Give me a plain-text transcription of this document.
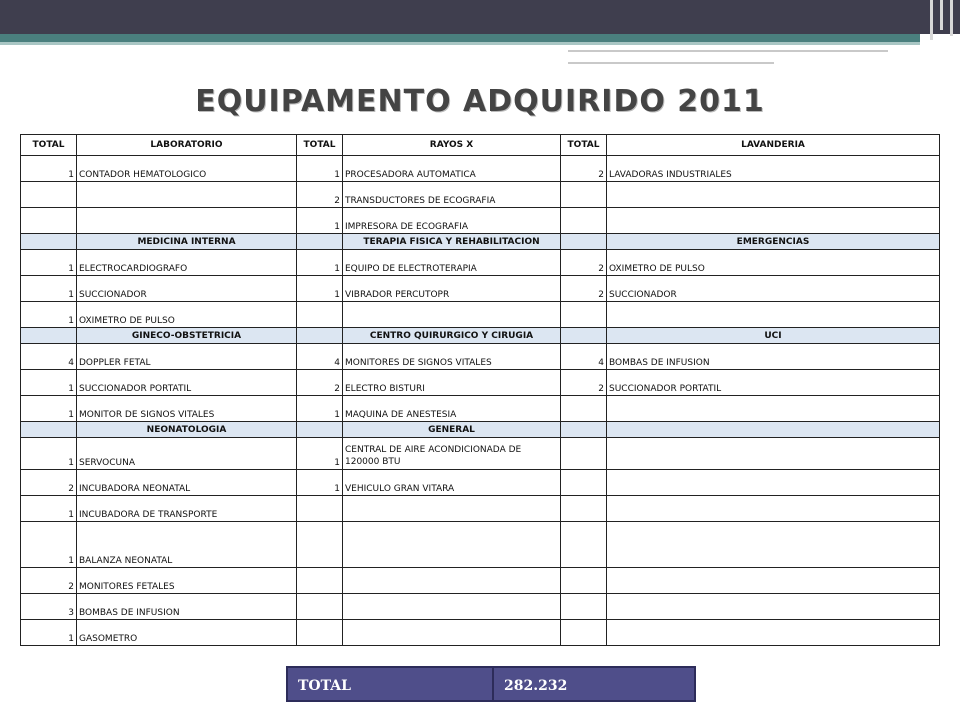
EQUIPAMENTO ADQUIRIDO 2011
TOTAL	LABORATORIO	TOTAL	RAYOS X	TOTAL	LAVANDERIA
1	CONTADOR HEMATOLOGICO	1	PROCESADORA AUTOMATICA	2	LAVADORAS INDUSTRIALES
		2	TRANSDUCTORES DE ECOGRAFIA		
		1	IMPRESORA DE ECOGRAFIA		
	MEDICINA INTERNA		TERAPIA FISICA Y REHABILITACION		EMERGENCIAS
1	ELECTROCARDIOGRAFO	1	EQUIPO DE ELECTROTERAPIA	2	OXIMETRO DE PULSO
1	SUCCIONADOR	1	VIBRADOR PERCUTOPR	2	SUCCIONADOR
1	OXIMETRO DE PULSO				
	GINECO-OBSTETRICIA		CENTRO QUIRURGICO Y CIRUGIA		UCI
4	DOPPLER FETAL	4	MONITORES DE SIGNOS VITALES	4	BOMBAS DE INFUSION
1	SUCCIONADOR PORTATIL	2	ELECTRO BISTURI	2	SUCCIONADOR PORTATIL
1	MONITOR DE SIGNOS VITALES	1	MAQUINA DE ANESTESIA		
	NEONATOLOGIA		GENERAL		
1	SERVOCUNA	1	CENTRAL DE AIRE ACONDICIONADA DE 120000 BTU		
2	INCUBADORA NEONATAL	1	VEHICULO GRAN VITARA		
1	INCUBADORA DE TRANSPORTE				
1	BALANZA NEONATAL				
2	MONITORES FETALES				
3	BOMBAS DE INFUSION				
1	GASOMETRO				
TOTAL	282.232
